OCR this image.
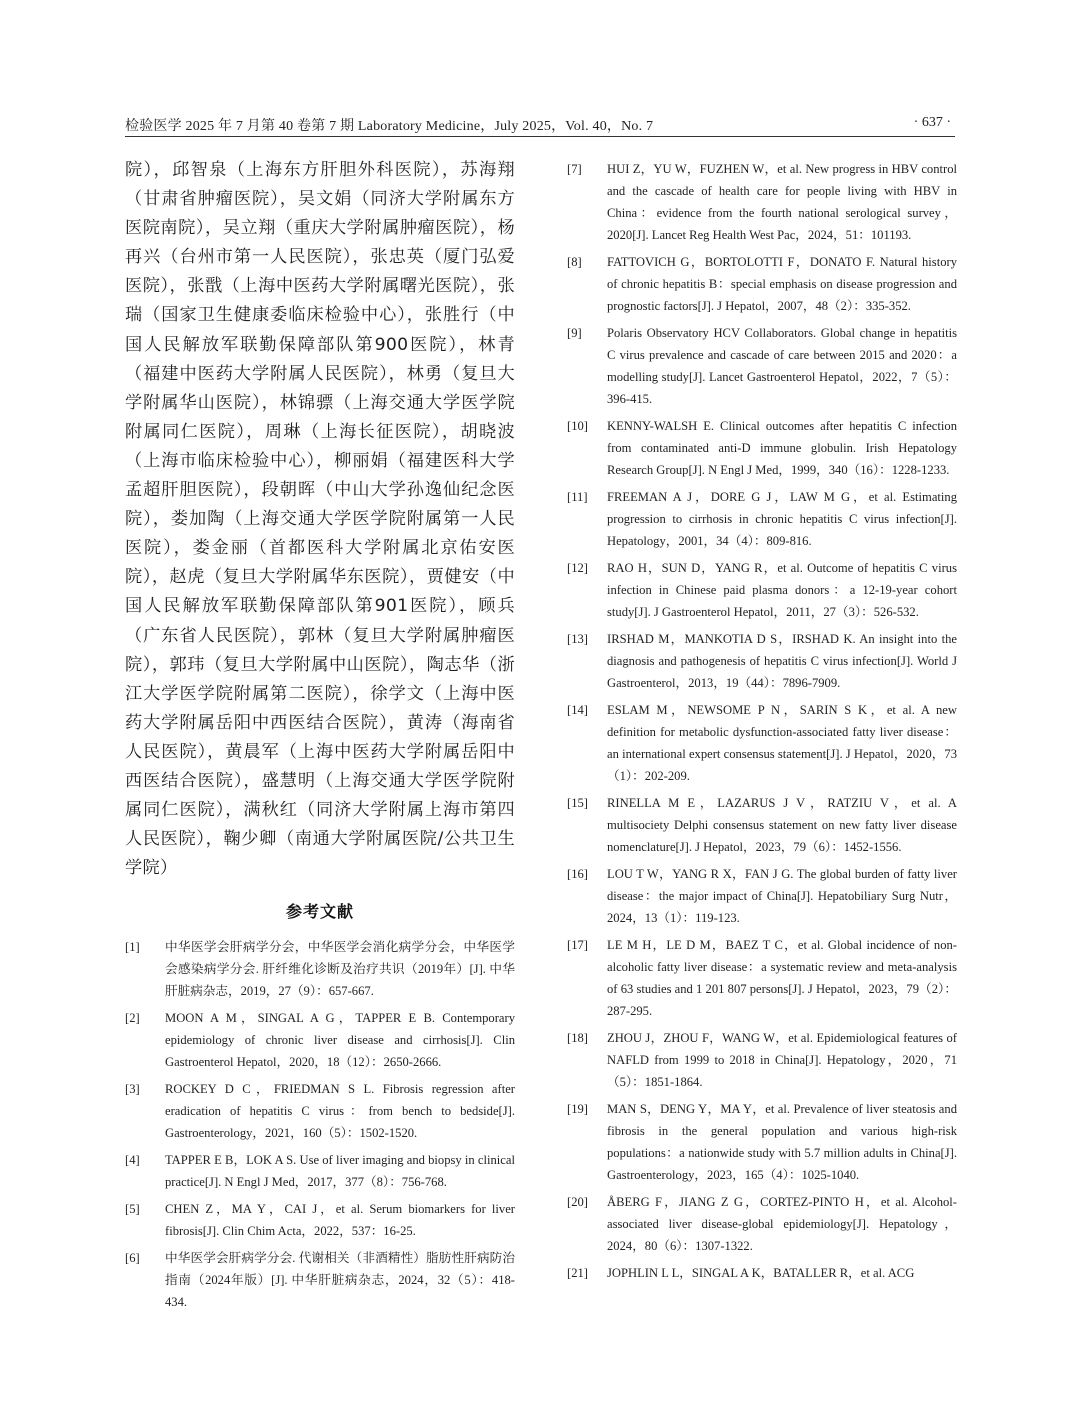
检验医学 2025 年 7 月第 40 卷第 7 期 Laboratory Medicine，July 2025，Vol. 40，No. 7	· 637 ·

院），邱智泉（上海东方肝胆外科医院），苏海翔（甘肃省肿瘤医院），吴文娟（同济大学附属东方医院南院），吴立翔（重庆大学附属肿瘤医院），杨再兴（台州市第一人民医院），张忠英（厦门弘爱医院），张戬（上海中医药大学附属曙光医院），张瑞（国家卫生健康委临床检验中心），张胜行（中国人民解放军联勤保障部队第900医院），林青（福建中医药大学附属人民医院），林勇（复旦大学附属华山医院），林锦骠（上海交通大学医学院附属同仁医院），周琳（上海长征医院），胡晓波（上海市临床检验中心），柳丽娟（福建医科大学孟超肝胆医院），段朝晖（中山大学孙逸仙纪念医院），娄加陶（上海交通大学医学院附属第一人民医院），娄金丽（首都医科大学附属北京佑安医院），赵虎（复旦大学附属华东医院），贾健安（中国人民解放军联勤保障部队第901医院），顾兵（广东省人民医院），郭林（复旦大学附属肿瘤医院），郭玮（复旦大学附属中山医院），陶志华（浙江大学医学院附属第二医院），徐学文（上海中医药大学附属岳阳中西医结合医院），黄涛（海南省人民医院），黄晨军（上海中医药大学附属岳阳中西医结合医院），盛慧明（上海交通大学医学院附属同仁医院），满秋红（同济大学附属上海市第四人民医院），鞠少卿（南通大学附属医院/公共卫生学院）

参考文献
[1]	中华医学会肝病学分会，中华医学会消化病学分会，中华医学会感染病学分会. 肝纤维化诊断及治疗共识（2019年）[J]. 中华肝脏病杂志，2019，27（9）：657-667.
[2]	MOON A M，SINGAL A G，TAPPER E B. Contemporary epidemiology of chronic liver disease and cirrhosis[J]. Clin Gastroenterol Hepatol，2020，18（12）：2650-2666.
[3]	ROCKEY D C，FRIEDMAN S L. Fibrosis regression after eradication of hepatitis C virus：from bench to bedside[J]. Gastroenterology，2021，160（5）：1502-1520.
[4]	TAPPER E B，LOK A S. Use of liver imaging and biopsy in clinical practice[J]. N Engl J Med，2017，377（8）：756-768.
[5]	CHEN Z，MA Y，CAI J，et al. Serum biomarkers for liver fibrosis[J]. Clin Chim Acta，2022，537：16-25.
[6]	中华医学会肝病学分会. 代谢相关（非酒精性）脂肪性肝病防治指南（2024年版）[J]. 中华肝脏病杂志，2024，32（5）：418-434.
[7]	HUI Z，YU W，FUZHEN W，et al. New progress in HBV control and the cascade of health care for people living with HBV in China：evidence from the fourth national serological survey，2020[J]. Lancet Reg Health West Pac，2024，51：101193.
[8]	FATTOVICH G，BORTOLOTTI F，DONATO F. Natural history of chronic hepatitis B：special emphasis on disease progression and prognostic factors[J]. J Hepatol，2007，48（2）：335-352.
[9]	Polaris Observatory HCV Collaborators. Global change in hepatitis C virus prevalence and cascade of care between 2015 and 2020：a modelling study[J]. Lancet Gastroenterol Hepatol，2022，7（5）：396-415.
[10]	KENNY-WALSH E. Clinical outcomes after hepatitis C infection from contaminated anti-D immune globulin. Irish Hepatology Research Group[J]. N Engl J Med，1999，340（16）：1228-1233.
[11]	FREEMAN A J，DORE G J，LAW M G，et al. Estimating progression to cirrhosis in chronic hepatitis C virus infection[J]. Hepatology，2001，34（4）：809-816.
[12]	RAO H，SUN D，YANG R，et al. Outcome of hepatitis C virus infection in Chinese paid plasma donors：a 12-19-year cohort study[J]. J Gastroenterol Hepatol，2011，27（3）：526-532.
[13]	IRSHAD M，MANKOTIA D S，IRSHAD K. An insight into the diagnosis and pathogenesis of hepatitis C virus infection[J]. World J Gastroenterol，2013，19（44）：7896-7909.
[14]	ESLAM M，NEWSOME P N，SARIN S K，et al. A new definition for metabolic dysfunction-associated fatty liver disease：an international expert consensus statement[J]. J Hepatol，2020，73（1）：202-209.
[15]	RINELLA M E，LAZARUS J V，RATZIU V，et al. A multisociety Delphi consensus statement on new fatty liver disease nomenclature[J]. J Hepatol，2023，79（6）：1452-1556.
[16]	LOU T W，YANG R X，FAN J G. The global burden of fatty liver disease：the major impact of China[J]. Hepatobiliary Surg Nutr，2024，13（1）：119-123.
[17]	LE M H，LE D M，BAEZ T C，et al. Global incidence of non-alcoholic fatty liver disease：a systematic review and meta-analysis of 63 studies and 1 201 807 persons[J]. J Hepatol，2023，79（2）：287-295.
[18]	ZHOU J，ZHOU F，WANG W，et al. Epidemiological features of NAFLD from 1999 to 2018 in China[J]. Hepatology，2020，71（5）：1851-1864.
[19]	MAN S，DENG Y，MA Y，et al. Prevalence of liver steatosis and fibrosis in the general population and various high-risk populations：a nationwide study with 5.7 million adults in China[J]. Gastroenterology，2023，165（4）：1025-1040.
[20]	ÅBERG F，JIANG Z G，CORTEZ-PINTO H，et al. Alcohol-associated liver disease-global epidemiology[J]. Hepatology，2024，80（6）：1307-1322.
[21]	JOPHLIN L L，SINGAL A K，BATALLER R，et al. ACG
